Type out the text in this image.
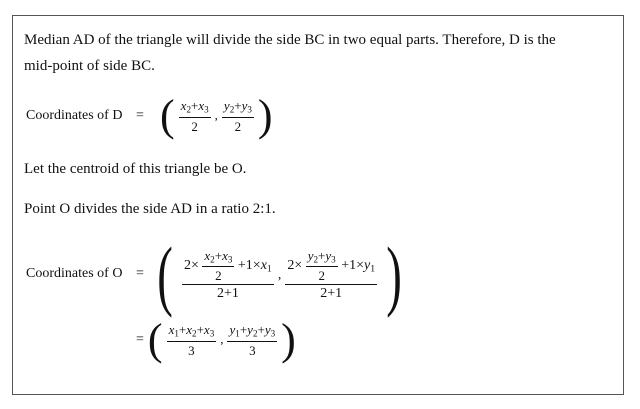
Median AD of the triangle will divide the side BC in two equal parts. Therefore, D is the
mid-point of side BC.
Coordinates of D = ( $\frac{x_2+x_3}{2}$ , $\frac{y_2+y_3}{2}$ )
Let the centroid of this triangle be O.
Point O divides the side AD in a ratio 2:1.
Coordinates of O = ( $2\times \frac{x_2+x_3}{2} +1\times x_1$
2+1
,
$2\times \frac{y_2+y_3}{2} +1\times y_1$
2+1 )
= ( $\frac{x_1+x_2+x_3}{3}$ , $\frac{y_1+y_2+y_3}{3}$ )
